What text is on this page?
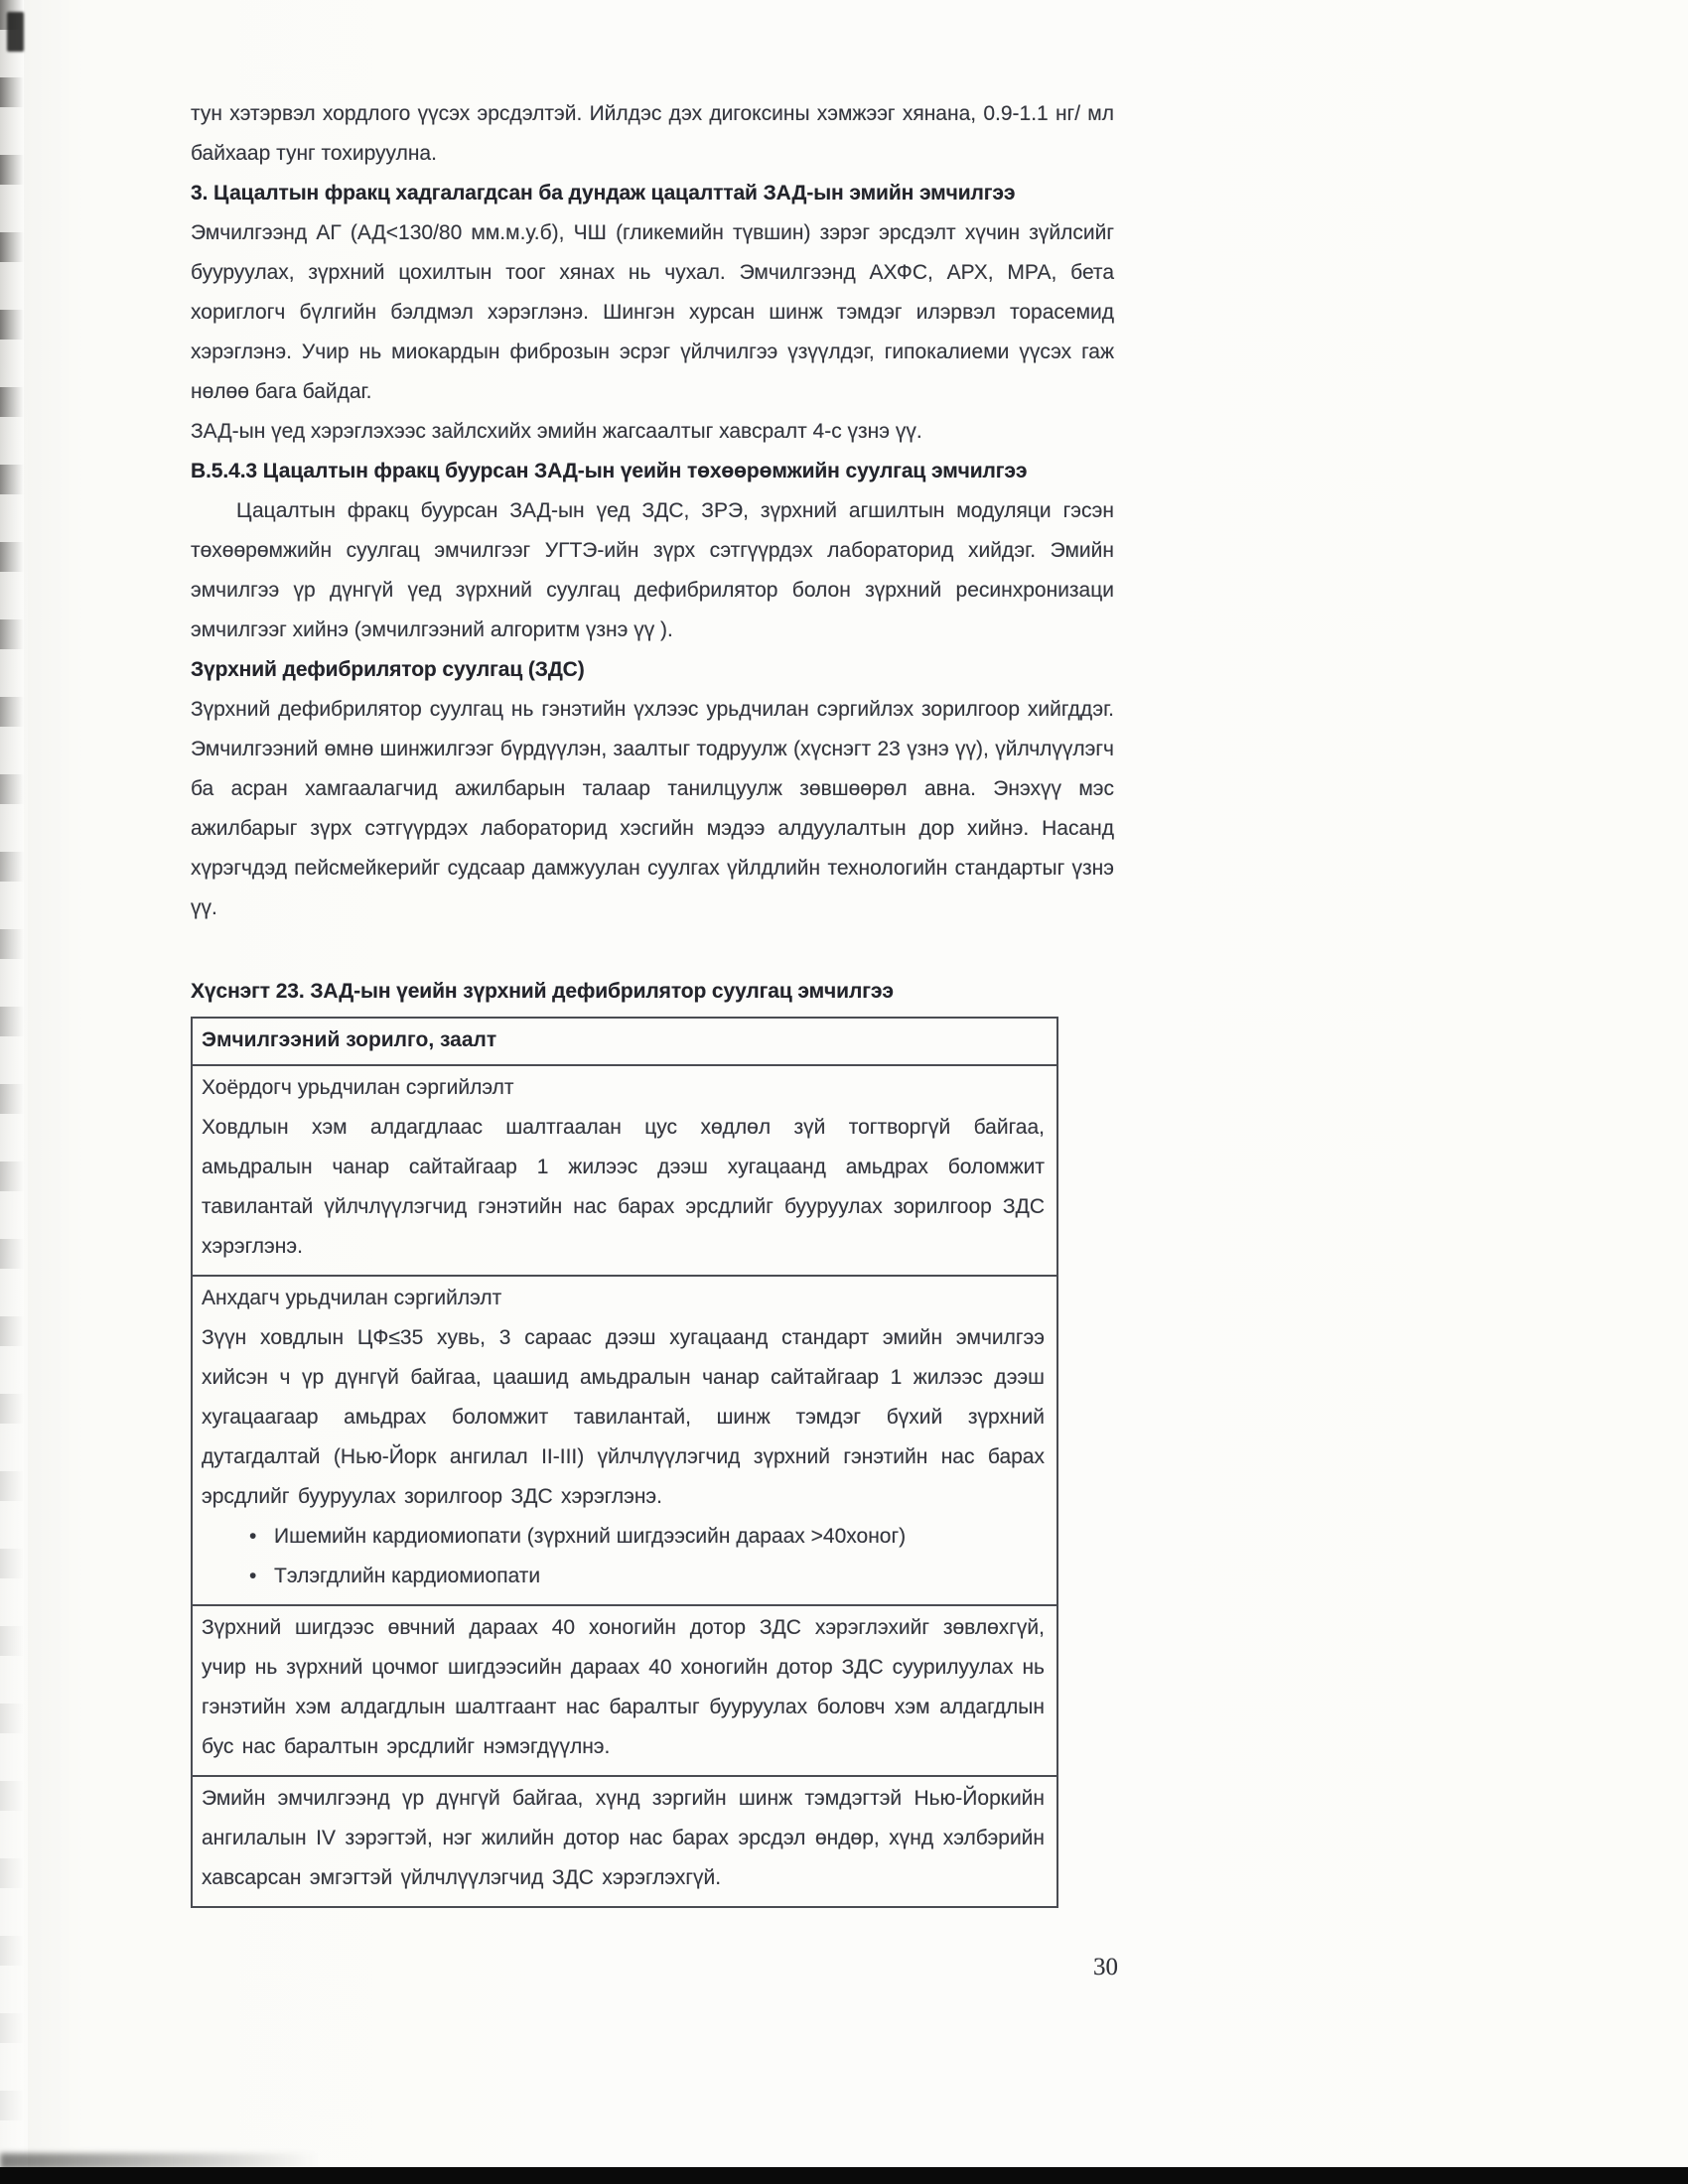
тун хэтэрвэл хордлого үүсэх эрсдэлтэй. Ийлдэс дэх дигоксины хэмжээг хянана, 0.9-1.1 нг/ мл байхаар тунг тохируулна.

3. Цацалтын фракц хадгалагдсан ба дундаж цацалттай ЗАД-ын эмийн эмчилгээ

Эмчилгээнд АГ (АД<130/80 мм.м.у.б), ЧШ (гликемийн түвшин) зэрэг эрсдэлт хүчин зүйлсийг бууруулах, зүрхний цохилтын тоог хянах нь чухал. Эмчилгээнд АХФС, АРХ, МРА, бета хориглогч бүлгийн бэлдмэл хэрэглэнэ. Шингэн хурсан шинж тэмдэг илэрвэл торасемид хэрэглэнэ. Учир нь миокардын фиброзын эсрэг үйлчилгээ үзүүлдэг, гипокалиеми үүсэх гаж нөлөө бага байдаг.

ЗАД-ын үед хэрэглэхээс зайлсхийх эмийн жагсаалтыг хавсралт 4-с үзнэ үү.

В.5.4.3 Цацалтын фракц буурсан ЗАД-ын үеийн төхөөрөмжийн суулгац эмчилгээ

Цацалтын фракц буурсан ЗАД-ын үед ЗДС, ЗРЭ, зүрхний агшилтын модуляци гэсэн төхөөрөмжийн суулгац эмчилгээг УГТЭ-ийн зүрх сэтгүүрдэх лабораторид хийдэг. Эмийн эмчилгээ үр дүнгүй үед зүрхний суулгац дефибрилятор болон зүрхний ресинхронизаци эмчилгээг хийнэ (эмчилгээний алгоритм үзнэ үү ).

Зүрхний дефибрилятор суулгац (ЗДС)

Зүрхний дефибрилятор суулгац нь гэнэтийн үхлээс урьдчилан сэргийлэх зорилгоор хийгддэг. Эмчилгээний өмнө шинжилгээг бүрдүүлэн, заалтыг тодруулж (хүснэгт 23 үзнэ үү), үйлчлүүлэгч ба асран хамгаалагчид ажилбарын талаар танилцуулж зөвшөөрөл авна. Энэхүү мэс ажилбарыг зүрх сэтгүүрдэх лабораторид хэсгийн мэдээ алдуулалтын дор хийнэ. Насанд хүрэгчдэд пейсмейкерийг судсаар дамжуулан суулгах үйлдлийн технологийн стандартыг үзнэ үү.

Хүснэгт 23. ЗАД-ын үеийн зүрхний дефибрилятор суулгац эмчилгээ

Эмчилгээний зорилго, заалт
Хоёрдогч урьдчилан сэргийлэлт
Ховдлын хэм алдагдлаас шалтгаалан цус хөдлөл зүй тогтворгүй байгаа, амьдралын чанар сайтайгаар 1 жилээс дээш хугацаанд амьдрах боломжит тавилантай үйлчлүүлэгчид гэнэтийн нас барах эрсдлийг бууруулах зорилгоор ЗДС хэрэглэнэ.
Анхдагч урьдчилан сэргийлэлт
Зүүн ховдлын ЦФ≤35 хувь, 3 сараас дээш хугацаанд стандарт эмийн эмчилгээ хийсэн ч үр дүнгүй байгаа, цаашид амьдралын чанар сайтайгаар 1 жилээс дээш хугацаагаар амьдрах боломжит тавилантай, шинж тэмдэг бүхий зүрхний дутагдалтай (Нью-Йорк ангилал II-III) үйлчлүүлэгчид зүрхний гэнэтийн нас барах эрсдлийг бууруулах зорилгоор ЗДС хэрэглэнэ.
• Ишемийн кардиомиопати (зүрхний шигдээсийн дараах >40хоног)
• Тэлэгдлийн кардиомиопати
Зүрхний шигдээс өвчний дараах 40 хоногийн дотор ЗДС хэрэглэхийг зөвлөхгүй, учир нь зүрхний цочмог шигдээсийн дараах 40 хоногийн дотор ЗДС суурилуулах нь гэнэтийн хэм алдагдлын шалтгаант нас баралтыг бууруулах боловч хэм алдагдлын бус нас баралтын эрсдлийг нэмэгдүүлнэ.
Эмийн эмчилгээнд үр дүнгүй байгаа, хүнд зэргийн шинж тэмдэгтэй Нью-Йоркийн ангилалын IV зэрэгтэй, нэг жилийн дотор нас барах эрсдэл өндөр, хүнд хэлбэрийн хавсарсан эмгэгтэй үйлчлүүлэгчид ЗДС хэрэглэхгүй.
30
